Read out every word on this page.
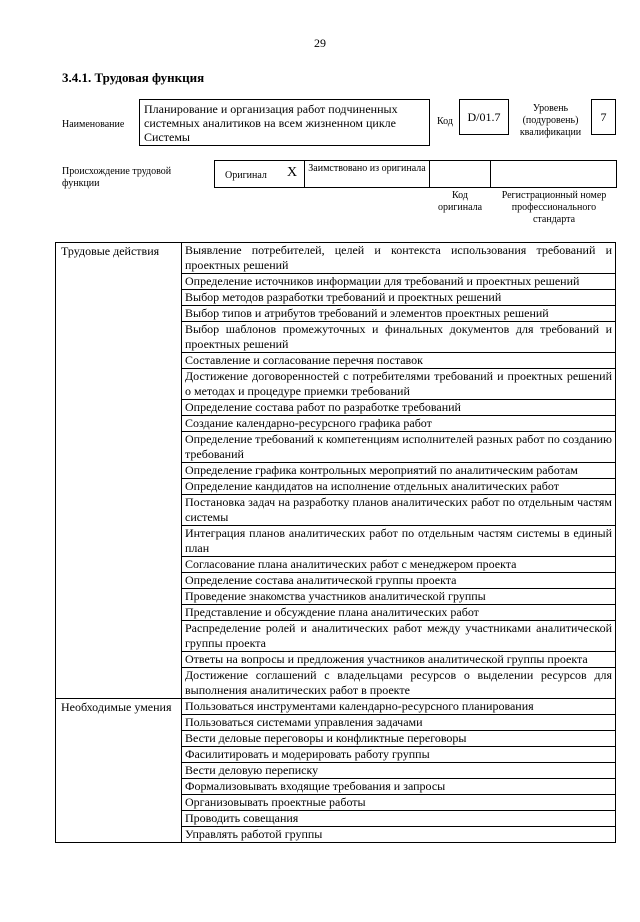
29
3.4.1. Трудовая функция
Наименование
Планирование и организация работ подчиненных системных аналитиков на всем жизненном цикле Системы
Код	D/01.7
Уровень (подуровень) квалификации
7
Происхождение трудовой функции
Оригинал X Заимствовано из оригинала
Код оригинала
Регистрационный номер профессионального стандарта
Трудовые действия	Выявление потребителей, целей и контекста использования требований и проектных решений
Определение источников информации для требований и проектных решений
Выбор методов разработки требований и проектных решений
Выбор типов и атрибутов требований и элементов проектных решений
Выбор шаблонов промежуточных и финальных документов для требований и проектных решений
Составление и согласование перечня поставок
Достижение договоренностей с потребителями требований и проектных решений о методах и процедуре приемки требований
Определение состава работ по разработке требований
Создание календарно-ресурсного графика работ
Определение требований к компетенциям исполнителей разных работ по созданию требований
Определение графика контрольных мероприятий по аналитическим работам
Определение кандидатов на исполнение отдельных аналитических работ
Постановка задач на разработку планов аналитических работ по отдельным частям системы
Интеграция планов аналитических работ по отдельным частям системы в единый план
Согласование плана аналитических работ с менеджером проекта
Определение состава аналитической группы проекта
Проведение знакомства участников аналитической группы
Представление и обсуждение плана аналитических работ
Распределение ролей и аналитических работ между участниками аналитической группы проекта
Ответы на вопросы и предложения участников аналитической группы проекта
Достижение соглашений с владельцами ресурсов о выделении ресурсов для выполнения аналитических работ в проекте
Необходимые умения	Пользоваться инструментами календарно-ресурсного планирования
Пользоваться системами управления задачами
Вести деловые переговоры и конфликтные переговоры
Фасилитировать и модерировать работу группы
Вести деловую переписку
Формализовывать входящие требования и запросы
Организовывать проектные работы
Проводить совещания
Управлять работой группы
